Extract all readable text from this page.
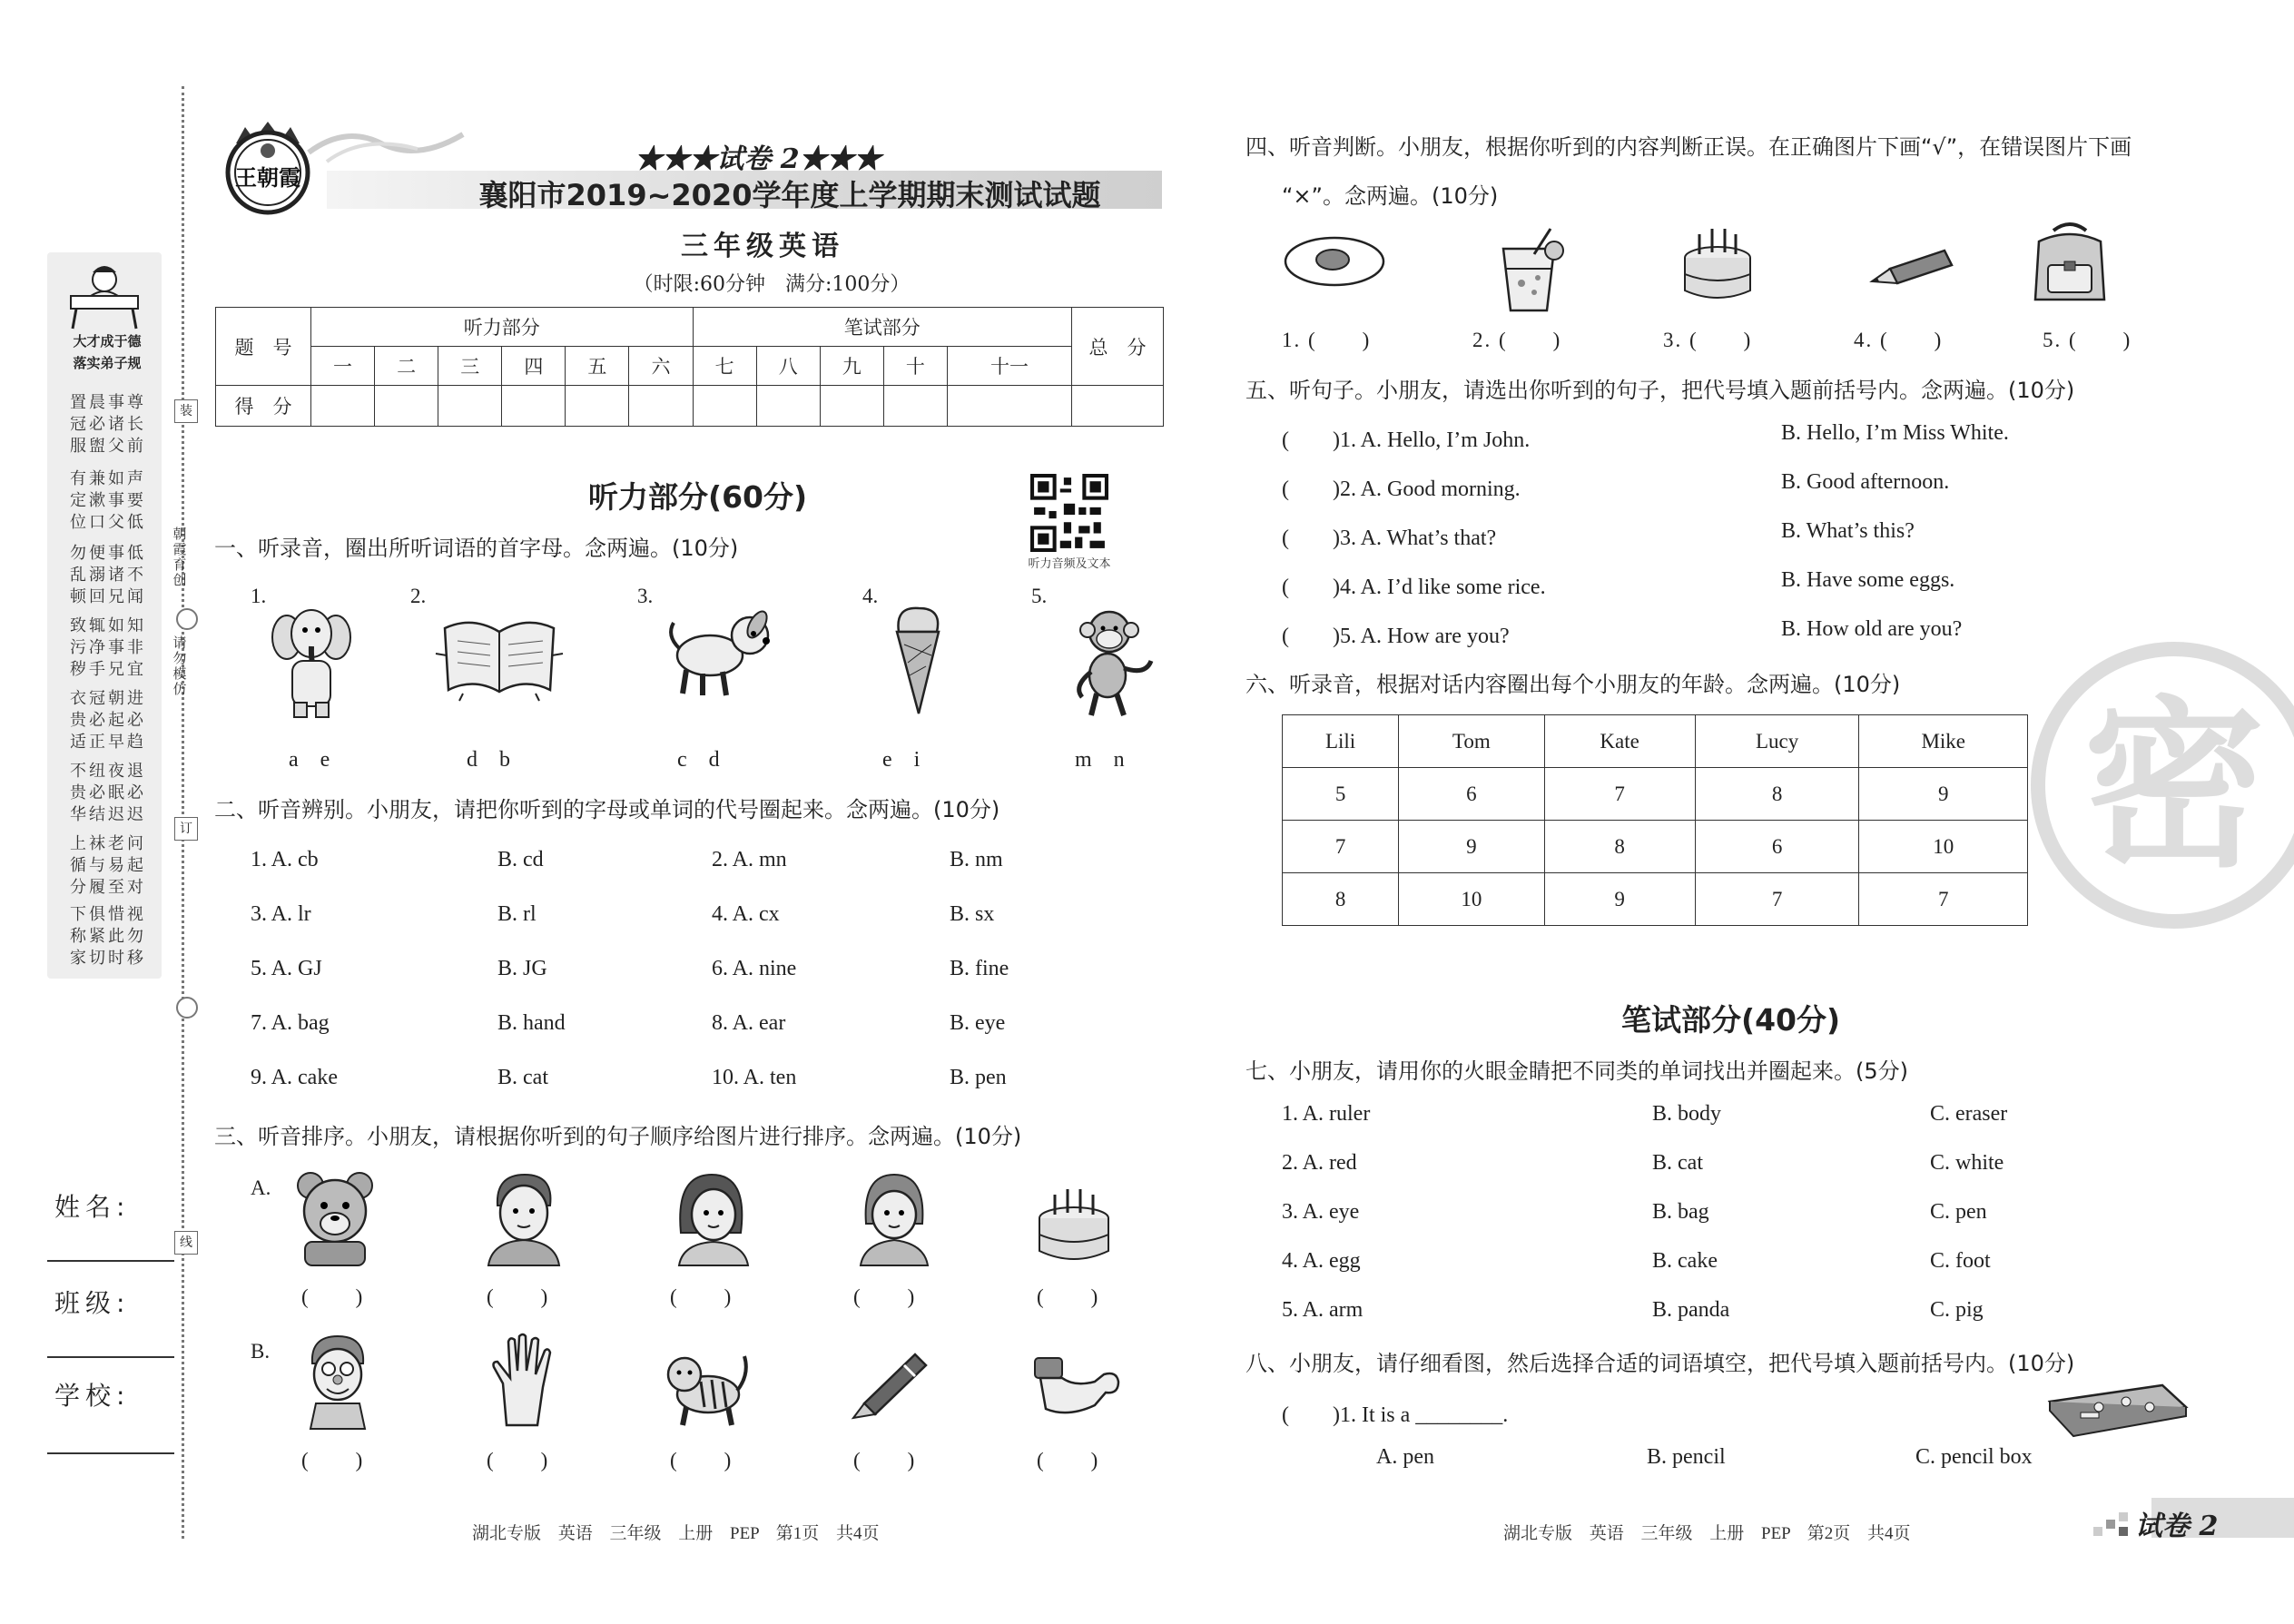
大才成于德
落实弟子规
置晨事尊
冠必诸长
服盥父前
有兼如声
定漱事要
位口父低
勿便事低
乱溺诸不
顿回兄闻
致辄如知
污净事非
秽手兄宜
衣冠朝进
贵必起必
适正早趋
不纽夜退
贵必眠必
华结迟迟
上袜老问
循与易起
分履至对
下俱惜视
称紧此勿
家切时移
装
朝霞育创
请勿模仿
订
线
姓名:
班级:
学校:
王朝霞
★★★试卷 2★★★
襄阳市2019~2020学年度上学期期末测试试题
三年级英语
（时限:60分钟　满分:100分）
题　号	听力部分						笔试部分					总　分
	一	二	三	四	五	六	七	八	九	十	十一	
得　分												
听力部分(60分)
听力音频及文本
一、听录音，圈出所听词语的首字母。念两遍。(10分)
1.	2.	3.	4.	5.
a　e	d　b	c　d	e　i	m　n
二、听音辨别。小朋友，请把你听到的字母或单词的代号圈起来。念两遍。(10分)
1. A. cb	B. cd	2. A. mn	B. nm
3. A. lr	B. rl	4. A. cx	B. sx
5. A. GJ	B. JG	6. A. nine	B. fine
7. A. bag	B. hand	8. A. ear	B. eye
9. A. cake	B. cat	10. A. ten	B. pen
三、听音排序。小朋友，请根据你听到的句子顺序给图片进行排序。念两遍。(10分)
A.
B.
(　　)	(　　)	(　　)	(　　)	(　　)
(　　)	(　　)	(　　)	(　　)	(　　)
湖北专版 英语 三年级 上册 PEP 第1页 共4页
密
四、听音判断。小朋友，根据你听到的内容判断正误。在正确图片下画“√”，在错误图片下画
“×”。念两遍。(10分)
1. (　　)	2. (　　)	3. (　　)	4. (　　)	5. (　　)
五、听句子。小朋友，请选出你听到的句子，把代号填入题前括号内。念两遍。(10分)
(　　)1. A. Hello, I’m John.	B. Hello, I’m Miss White.
(　　)2. A. Good morning.	B. Good afternoon.
(　　)3. A. What’s that?	B. What’s this?
(　　)4. A. I’d like some rice.	B. Have some eggs.
(　　)5. A. How are you?	B. How old are you?
六、听录音，根据对话内容圈出每个小朋友的年龄。念两遍。(10分)
Lili	Tom	Kate	Lucy	Mike
5	6	7	8	9
7	9	8	6	10
8	10	9	7	7
笔试部分(40分)
七、小朋友，请用你的火眼金睛把不同类的单词找出并圈起来。(5分)
1. A. ruler	B. body	C. eraser
2. A. red	B. cat	C. white
3. A. eye	B. bag	C. pen
4. A. egg	B. cake	C. foot
5. A. arm	B. panda	C. pig
八、小朋友，请仔细看图，然后选择合适的词语填空，把代号填入题前括号内。(10分)
(　　)1. It is a ________.
A. pen	B. pencil	C. pencil box
湖北专版 英语 三年级 上册 PEP 第2页 共4页	试卷 2
